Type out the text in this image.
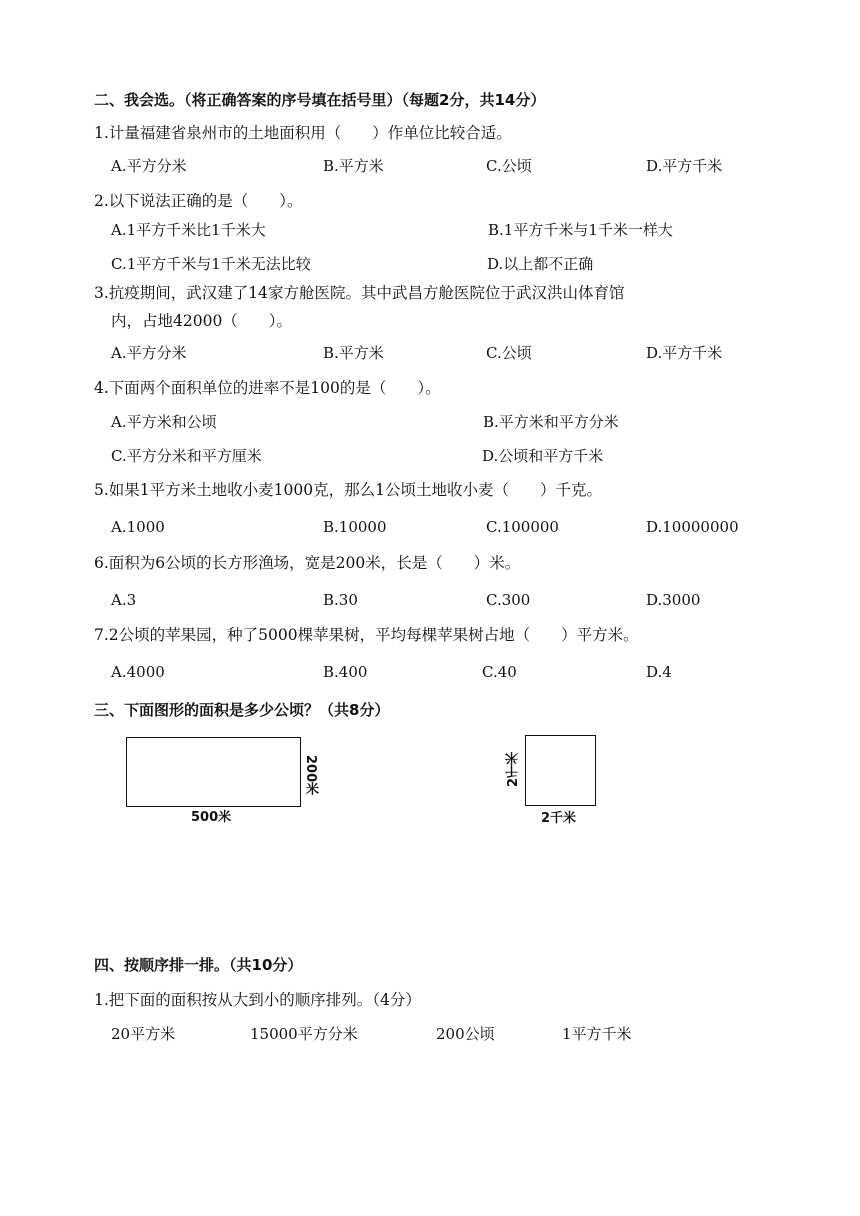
二、我会选。（将正确答案的序号填在括号里）（每题2分，共14分）
1.计量福建省泉州市的土地面积用（　　）作单位比较合适。
A.平方分米	B.平方米	C.公顷	D.平方千米
2.以下说法正确的是（　　）。
A.1平方千米比1千米大	B.1平方千米与1千米一样大
C.1平方千米与1千米无法比较	D.以上都不正确
3.抗疫期间，武汉建了14家方舱医院。其中武昌方舱医院位于武汉洪山体育馆
内，占地42000（　　）。
A.平方分米	B.平方米	C.公顷	D.平方千米
4.下面两个面积单位的进率不是100的是（　　）。
A.平方米和公顷	B.平方米和平方分米
C.平方分米和平方厘米	D.公顷和平方千米
5.如果1平方米土地收小麦1000克，那么1公顷土地收小麦（　　）千克。
A.1000	B.10000	C.100000	D.10000000
6.面积为6公顷的长方形渔场，宽是200米，长是（　　）米。
A.3	B.30	C.300	D.3000
7.2公顷的苹果园，种了5000棵苹果树，平均每棵苹果树占地（　　）平方米。
A.4000	B.400	C.40	D.4
三、下面图形的面积是多少公顷？（共8分）
500米
200米
2千米
2千米
四、按顺序排一排。（共10分）
1.把下面的面积按从大到小的顺序排列。（4分）
20平方米	15000平方分米	200公顷	1平方千米
